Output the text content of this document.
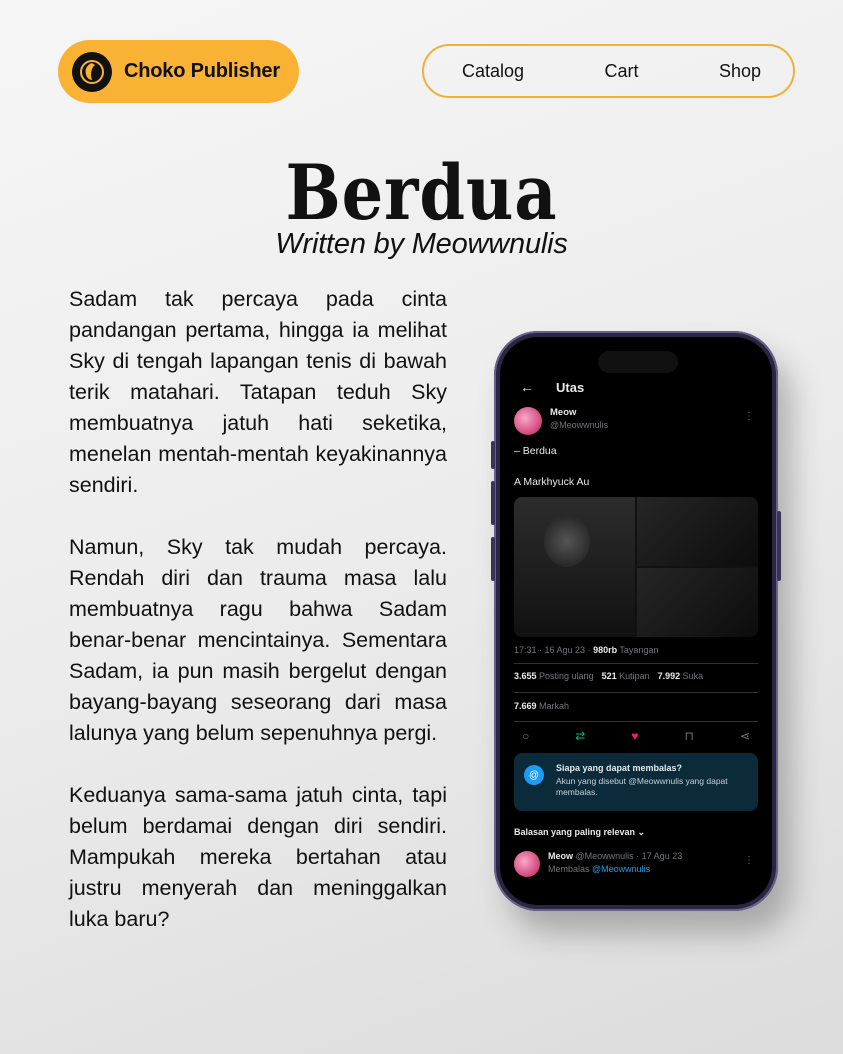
Choko Publisher	Catalog	Cart	Shop
Berdua
Written by Meowwnulis

Sadam tak percaya pada cinta pandangan pertama, hingga ia melihat Sky di tengah lapangan tenis di bawah terik matahari. Tatapan teduh Sky membuatnya jatuh hati seketika, menelan mentah-mentah keyakinannya sendiri.

Namun, Sky tak mudah percaya. Rendah diri dan trauma masa lalu membuatnya ragu bahwa Sadam benar-benar mencintainya. Sementara Sadam, ia pun masih bergelut dengan bayang-bayang seseorang dari masa lalunya yang belum sepenuhnya pergi.

Keduanya sama-sama jatuh cinta, tapi belum berdamai dengan diri sendiri. Mampukah mereka bertahan atau justru menyerah dan meninggalkan luka baru?

← Utas
Meow
@Meowwnulis
⋮
– Berdua
A Markhyuck Au
17:31 · 16 Agu 23 · 980rb Tayangan
3.655 Posting ulang 521 Kutipan 7.992 Suka
7.669 Markah
○	⇄	♥	⊓	⋖
@
Siapa yang dapat membalas?
Akun yang disebut @Meowwnulis yang dapat membalas.
Balasan yang paling relevan ⌄
Meow @Meowwnulis · 17 Agu 23
Membalas @Meowwnulis
⋮
